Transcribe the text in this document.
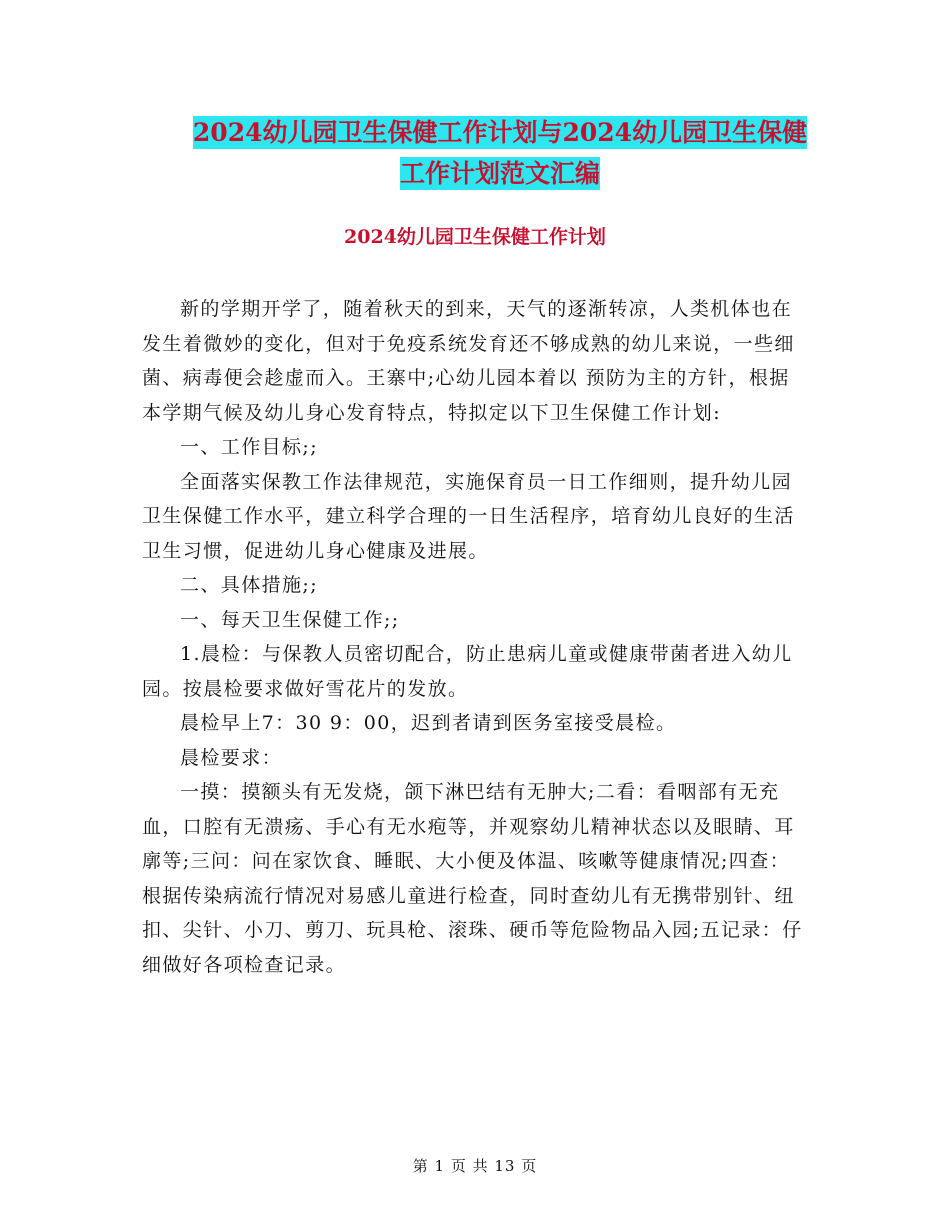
2024幼儿园卫生保健工作计划与2024幼儿园卫生保健
工作计划范文汇编
2024幼儿园卫生保健工作计划

新的学期开学了，随着秋天的到来，天气的逐渐转凉，人类机体也在发生着微妙的变化，但对于免疫系统发育还不够成熟的幼儿来说，一些细菌、病毒便会趁虚而入。王寨中;心幼儿园本着以 预防为主的方针，根据本学期气候及幼儿身心发育特点，特拟定以下卫生保健工作计划:

一、工作目标;;

全面落实保教工作法律规范，实施保育员一日工作细则，提升幼儿园卫生保健工作水平，建立科学合理的一日生活程序，培育幼儿良好的生活卫生习惯，促进幼儿身心健康及进展。

二、具体措施;;

一、每天卫生保健工作;;

1.晨检：与保教人员密切配合，防止患病儿童或健康带菌者进入幼儿园。按晨检要求做好雪花片的发放。

晨检早上7：30 9：00，迟到者请到医务室接受晨检。

晨检要求：

一摸：摸额头有无发烧，颌下淋巴结有无肿大;二看：看咽部有无充血，口腔有无溃疡、手心有无水疱等，并观察幼儿精神状态以及眼睛、耳廓等;三问：问在家饮食、睡眠、大小便及体温、咳嗽等健康情况;四查：根据传染病流行情况对易感儿童进行检查，同时查幼儿有无携带别针、纽扣、尖针、小刀、剪刀、玩具枪、滚珠、硬币等危险物品入园;五记录：仔细做好各项检查记录。

第 1 页 共 13 页
